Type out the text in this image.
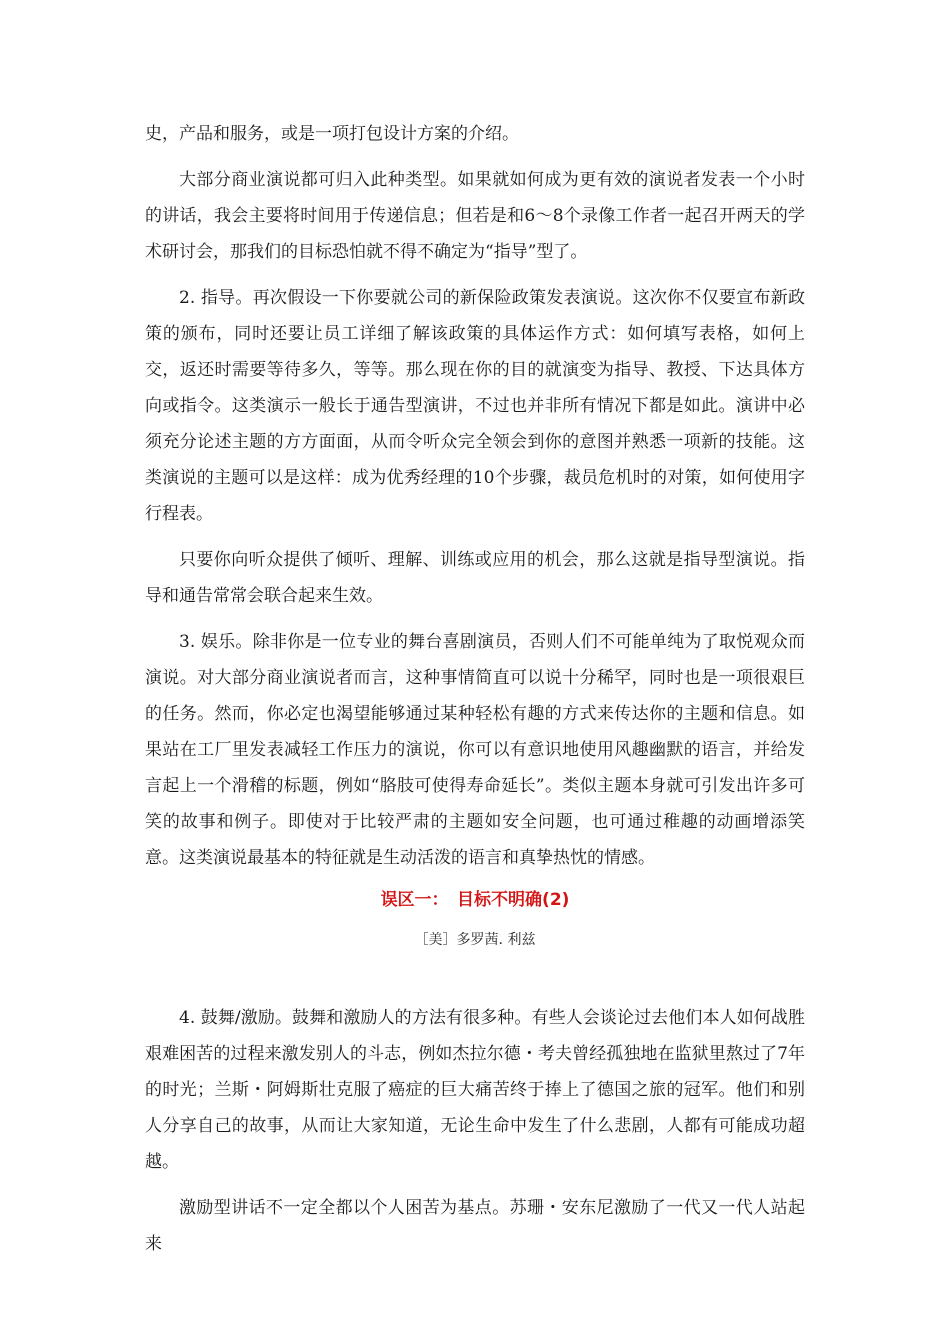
史，产品和服务，或是一项打包设计方案的介绍。

大部分商业演说都可归入此种类型。如果就如何成为更有效的演说者发表一个小时的讲话，我会主要将时间用于传递信息；但若是和6～8个录像工作者一起召开两天的学术研讨会，那我们的目标恐怕就不得不确定为“指导”型了。

2. 指导。再次假设一下你要就公司的新保险政策发表演说。这次你不仅要宣布新政策的颁布，同时还要让员工详细了解该政策的具体运作方式：如何填写表格，如何上交，返还时需要等待多久，等等。那么现在你的目的就演变为指导、教授、下达具体方向或指令。这类演示一般长于通告型演讲，不过也并非所有情况下都是如此。演讲中必须充分论述主题的方方面面，从而令听众完全领会到你的意图并熟悉一项新的技能。这类演说的主题可以是这样：成为优秀经理的10个步骤，裁员危机时的对策，如何使用字行程表。

只要你向听众提供了倾听、理解、训练或应用的机会，那么这就是指导型演说。指导和通告常常会联合起来生效。

3. 娱乐。除非你是一位专业的舞台喜剧演员，否则人们不可能单纯为了取悦观众而演说。对大部分商业演说者而言，这种事情简直可以说十分稀罕，同时也是一项很艰巨的任务。然而，你必定也渴望能够通过某种轻松有趣的方式来传达你的主题和信息。如果站在工厂里发表减轻工作压力的演说，你可以有意识地使用风趣幽默的语言，并给发言起上一个滑稽的标题，例如“胳肢可使得寿命延长”。类似主题本身就可引发出许多可笑的故事和例子。即使对于比较严肃的主题如安全问题，也可通过稚趣的动画增添笑意。这类演说最基本的特征就是生动活泼的语言和真挚热忱的情感。

误区一：　目标不明确(2)

［美］多罗茜. 利兹

4. 鼓舞/激励。鼓舞和激励人的方法有很多种。有些人会谈论过去他们本人如何战胜艰难困苦的过程来激发别人的斗志，例如杰拉尔德・考夫曾经孤独地在监狱里熬过了7年的时光；兰斯・阿姆斯壮克服了癌症的巨大痛苦终于捧上了德国之旅的冠军。他们和别人分享自己的故事，从而让大家知道，无论生命中发生了什么悲剧，人都有可能成功超越。

激励型讲话不一定全都以个人困苦为基点。苏珊・安东尼激励了一代又一代人站起来
